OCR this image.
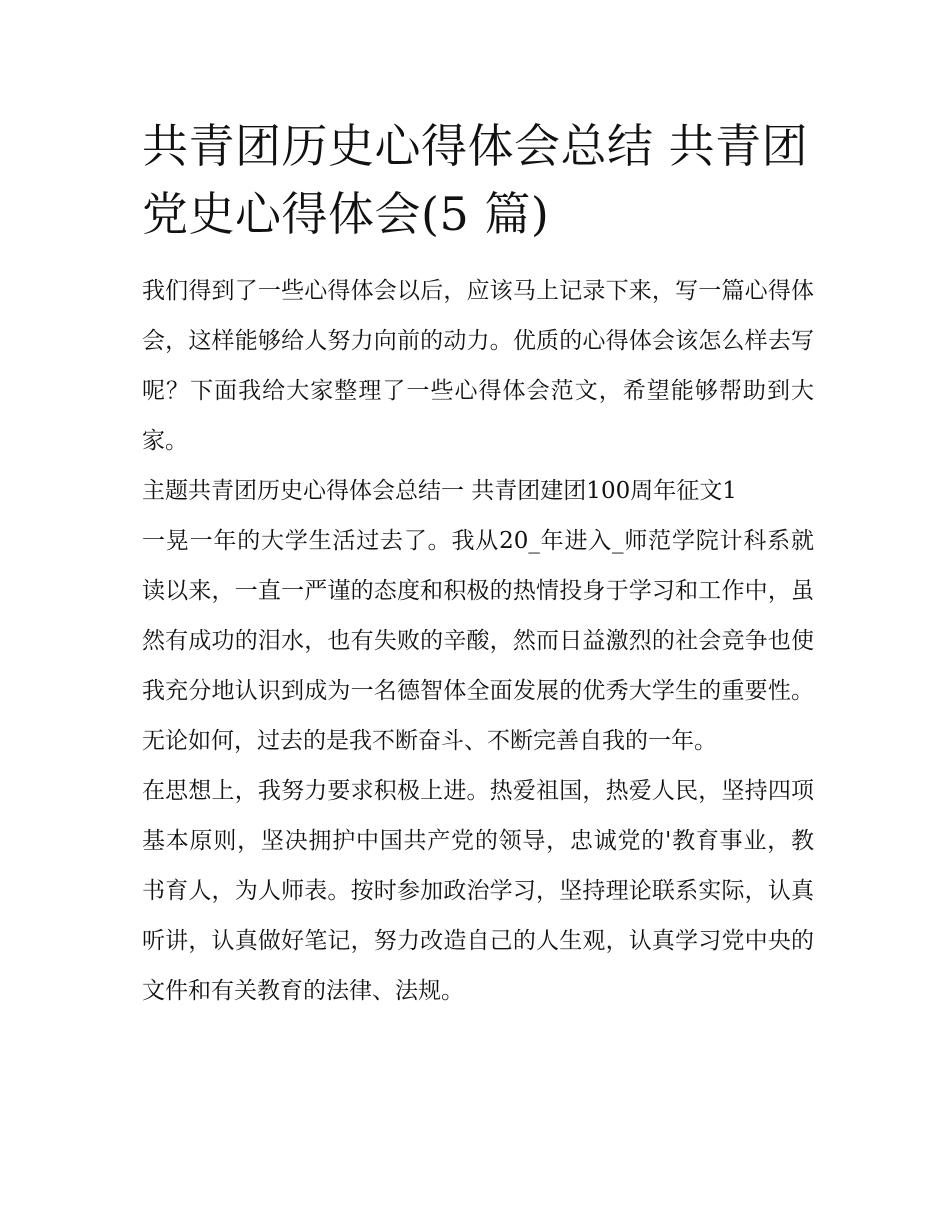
共青团历史心得体会总结 共青团党史心得体会(5 篇)

我们得到了一些心得体会以后，应该马上记录下来，写一篇心得体会，这样能够给人努力向前的动力。优质的心得体会该怎么样去写呢？下面我给大家整理了一些心得体会范文，希望能够帮助到大家。

主题共青团历史心得体会总结一 共青团建团100周年征文1

一晃一年的大学生活过去了。我从20_年进入_师范学院计科系就读以来，一直一严谨的态度和积极的热情投身于学习和工作中，虽然有成功的泪水，也有失败的辛酸，然而日益激烈的社会竞争也使我充分地认识到成为一名德智体全面发展的优秀大学生的重要性。无论如何，过去的是我不断奋斗、不断完善自我的一年。

在思想上，我努力要求积极上进。热爱祖国，热爱人民，坚持四项基本原则，坚决拥护中国共产党的领导，忠诚党的'教育事业，教书育人，为人师表。按时参加政治学习，坚持理论联系实际，认真听讲，认真做好笔记，努力改造自己的人生观，认真学习党中央的文件和有关教育的法律、法规。
